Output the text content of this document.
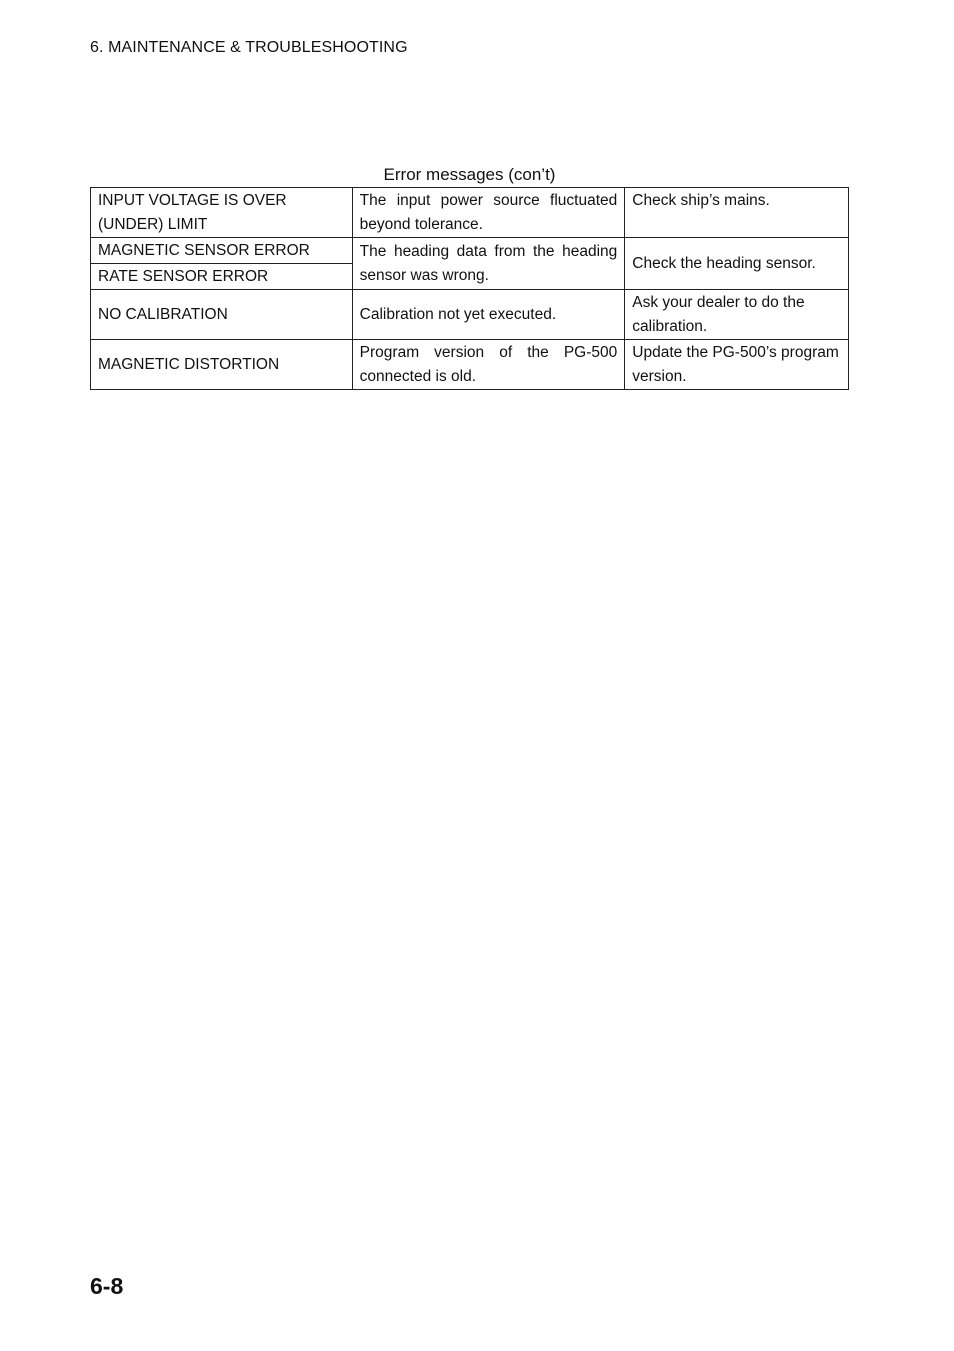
6. MAINTENANCE & TROUBLESHOOTING
Error messages (con’t)
INPUT VOLTAGE IS OVER (UNDER) LIMIT	The input power source fluctuated beyond tolerance.	Check ship’s mains.
MAGNETIC SENSOR ERROR	The heading data from the heading sensor was wrong.	Check the heading sensor.
RATE SENSOR ERROR		
NO CALIBRATION	Calibration not yet executed.	Ask your dealer to do the calibration.
MAGNETIC DISTORTION	Program version of the PG-500 connected is old.	Update the PG-500’s program version.
6-8
